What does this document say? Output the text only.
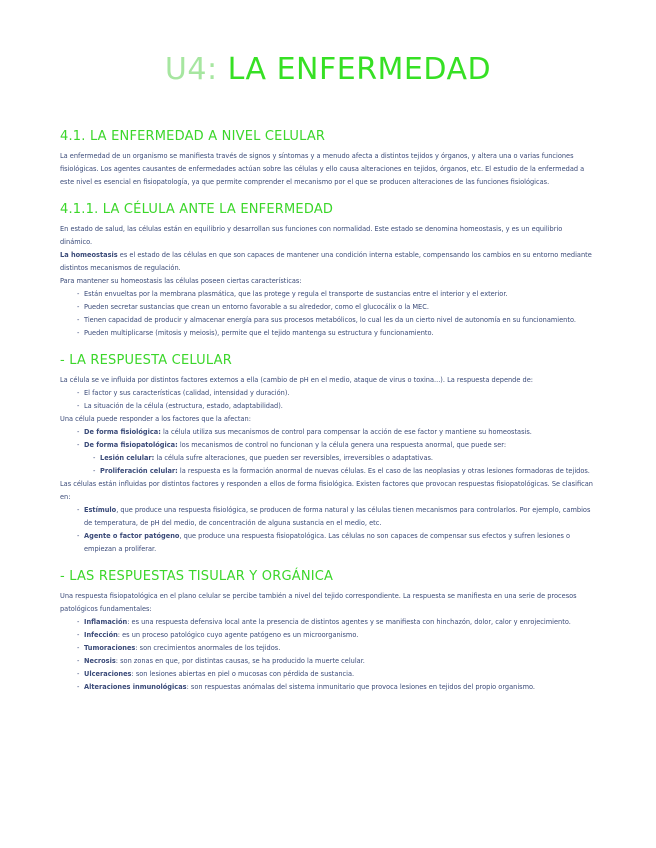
U4: LA ENFERMEDAD
4.1. LA ENFERMEDAD A NIVEL CELULAR

La enfermedad de un organismo se manifiesta través de signos y síntomas y a menudo afecta a distintos tejidos y órganos, y altera una o varias funciones fisiológicas. Los agentes causantes de enfermedades actúan sobre las células y ello causa alteraciones en tejidos, órganos, etc. El estudio de la enfermedad a este nivel es esencial en fisiopatología, ya que permite comprender el mecanismo por el que se producen alteraciones de las funciones fisiológicas.

4.1.1. LA CÉLULA ANTE LA ENFERMEDAD

En estado de salud, las células están en equilibrio y desarrollan sus funciones con normalidad. Este estado se denomina homeostasis, y es un equilibrio dinámico.

La homeostasis es el estado de las células en que son capaces de mantener una condición interna estable, compensando los cambios en su entorno mediante distintos mecanismos de regulación.

Para mantener su homeostasis las células poseen ciertas características:

- Están envueltas por la membrana plasmática, que las protege y regula el transporte de sustancias entre el interior y el exterior.
- Pueden secretar sustancias que crean un entorno favorable a su alrededor, como el glucocálix o la MEC.
- Tienen capacidad de producir y almacenar energía para sus procesos metabólicos, lo cual les da un cierto nivel de autonomía en su funcionamiento.
- Pueden multiplicarse (mitosis y meiosis), permite que el tejido mantenga su estructura y funcionamiento.
- LA RESPUESTA CELULAR

La célula se ve influida por distintos factores externos a ella (cambio de pH en el medio, ataque de virus o toxina...). La respuesta depende de:

- El factor y sus características (calidad, intensidad y duración).
- La situación de la célula (estructura, estado, adaptabilidad).

Una célula puede responder a los factores que la afectan:

- De forma fisiológica: la célula utiliza sus mecanismos de control para compensar la acción de ese factor y mantiene su homeostasis.
- De forma fisiopatológica: los mecanismos de control no funcionan y la célula genera una respuesta anormal, que puede ser:
- Lesión celular: la célula sufre alteraciones, que pueden ser reversibles, irreversibles o adaptativas.
- Proliferación celular: la respuesta es la formación anormal de nuevas células. Es el caso de las neoplasias y otras lesiones formadoras de tejidos.

Las células están influidas por distintos factores y responden a ellos de forma fisiológica. Existen factores que provocan respuestas fisiopatológicas. Se clasifican en:

- Estímulo, que produce una respuesta fisiológica, se producen de forma natural y las células tienen mecanismos para controlarlos. Por ejemplo, cambios de temperatura, de pH del medio, de concentración de alguna sustancia en el medio, etc.
- Agente o factor patógeno, que produce una respuesta fisiopatológica. Las células no son capaces de compensar sus efectos y sufren lesiones o empiezan a proliferar.
- LAS RESPUESTAS TISULAR Y ORGÁNICA

Una respuesta fisiopatológica en el plano celular se percibe también a nivel del tejido correspondiente. La respuesta se manifiesta en una serie de procesos patológicos fundamentales:

- Inflamación: es una respuesta defensiva local ante la presencia de distintos agentes y se manifiesta con hinchazón, dolor, calor y enrojecimiento.
- Infección: es un proceso patológico cuyo agente patógeno es un microorganismo.
- Tumoraciones: son crecimientos anormales de los tejidos.
- Necrosis: son zonas en que, por distintas causas, se ha producido la muerte celular.
- Ulceraciones: son lesiones abiertas en piel o mucosas con pérdida de sustancia.
- Alteraciones inmunológicas: son respuestas anómalas del sistema inmunitario que provoca lesiones en tejidos del propio organismo.
